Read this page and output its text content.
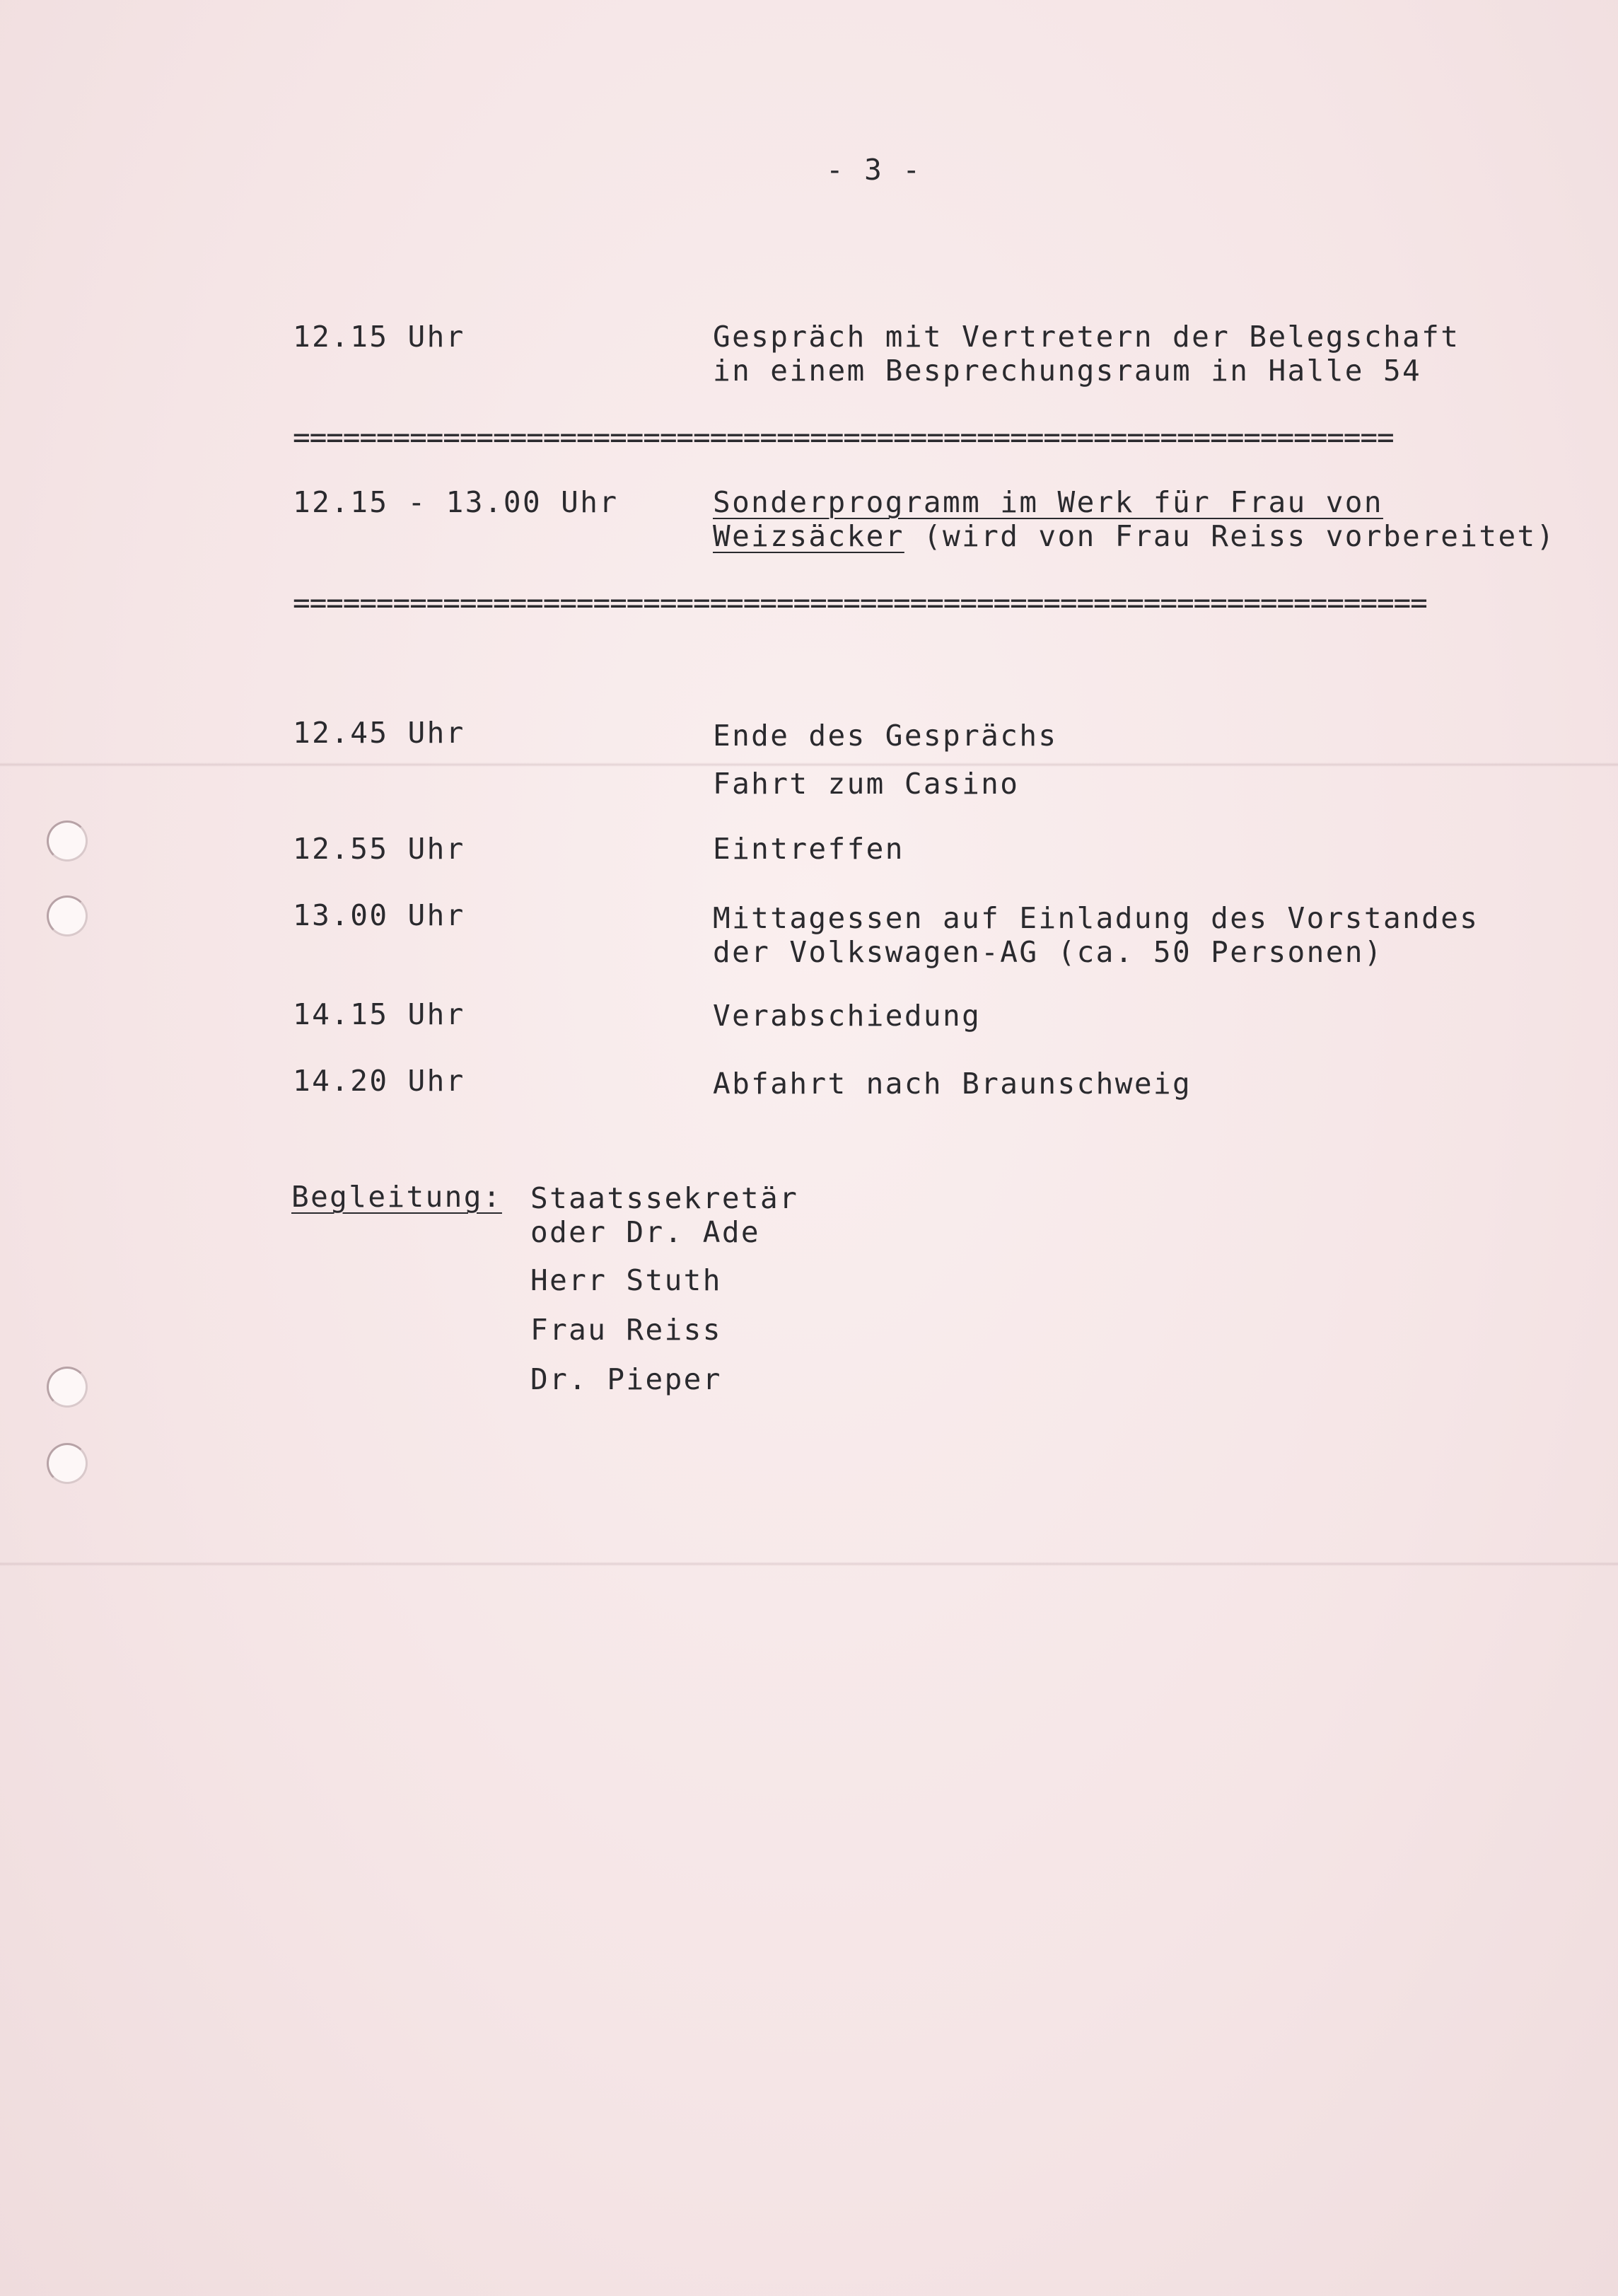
- 3 -
12.15 Uhr	Gespräch mit Vertretern der Belegschaft
in einem Besprechungsraum in Halle 54
==================================================================
12.15 - 13.00 Uhr	Sonderprogramm im Werk für Frau von
Weizsäcker (wird von Frau Reiss vorbereitet)
====================================================================
12.45 Uhr	Ende des Gesprächs
Fahrt zum Casino
12.55 Uhr	Eintreffen
13.00 Uhr	Mittagessen auf Einladung des Vorstandes
der Volkswagen-AG (ca. 50 Personen)
14.15 Uhr	Verabschiedung
14.20 Uhr	Abfahrt nach Braunschweig
Begleitung: Staatssekretär
oder Dr. Ade
Herr Stuth
Frau Reiss
Dr. Pieper
